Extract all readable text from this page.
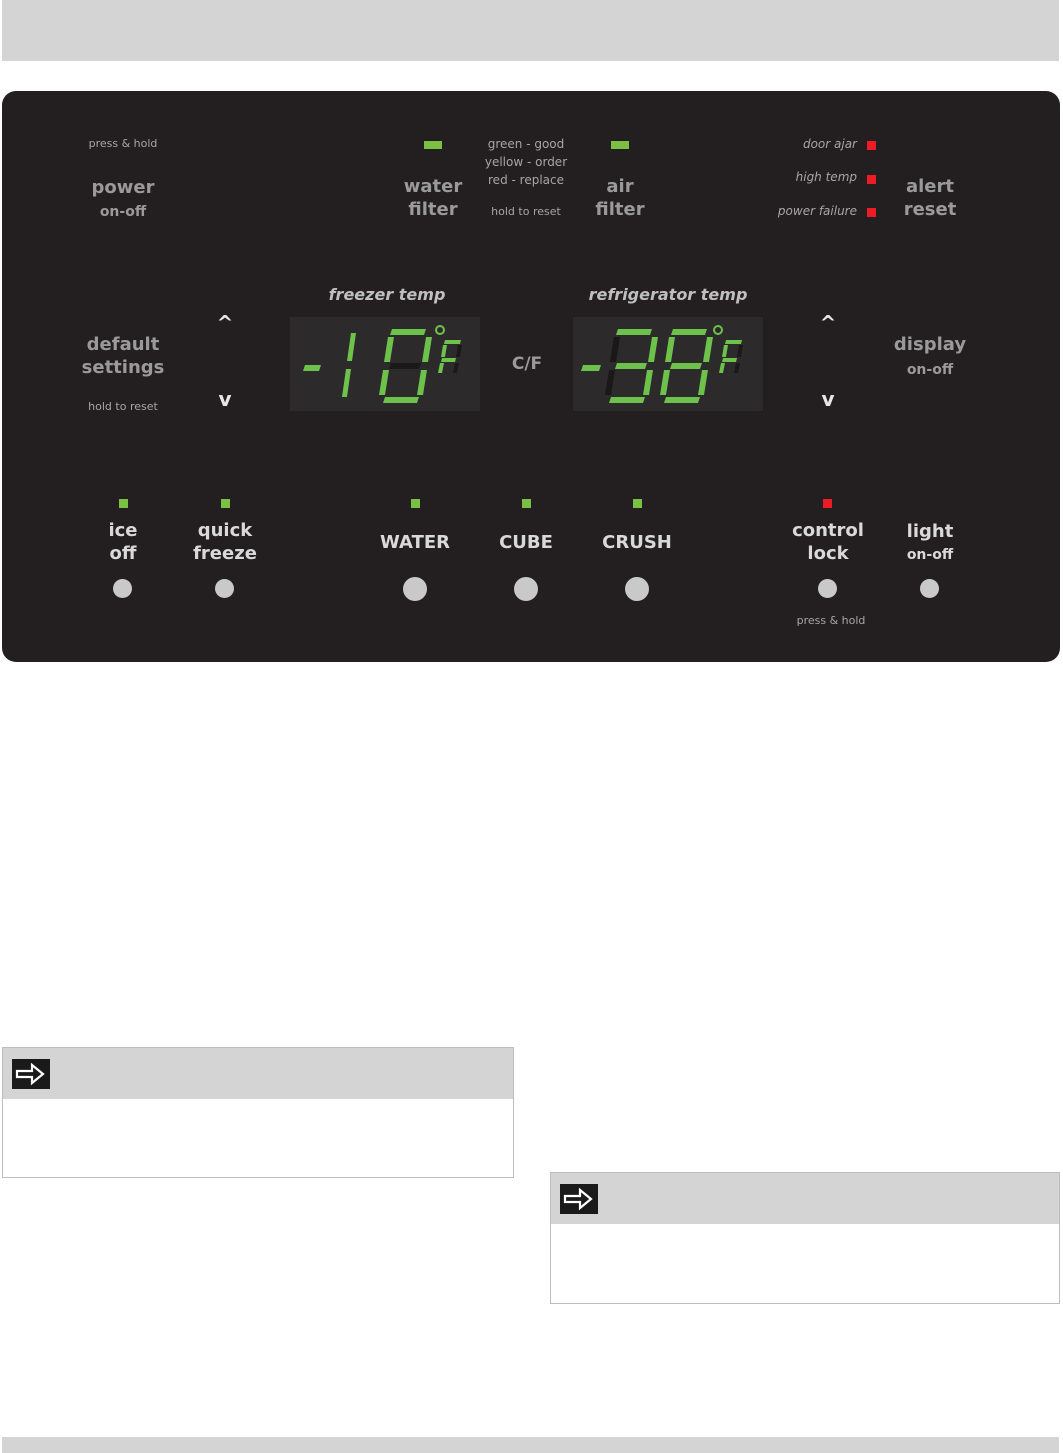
press & hold
power
on-off
water
filter
green - good
yellow - order
red - replace
hold to reset
air
filter
door ajar
high temp
power failure
alert
reset
default
settings
hold to reset
^
v
freezer temp
C/F
refrigerator temp
^
v
display
on-off
ice
off
quick
freeze
WATER	CUBE	CRUSH
control
lock
light
on-off
press & hold
